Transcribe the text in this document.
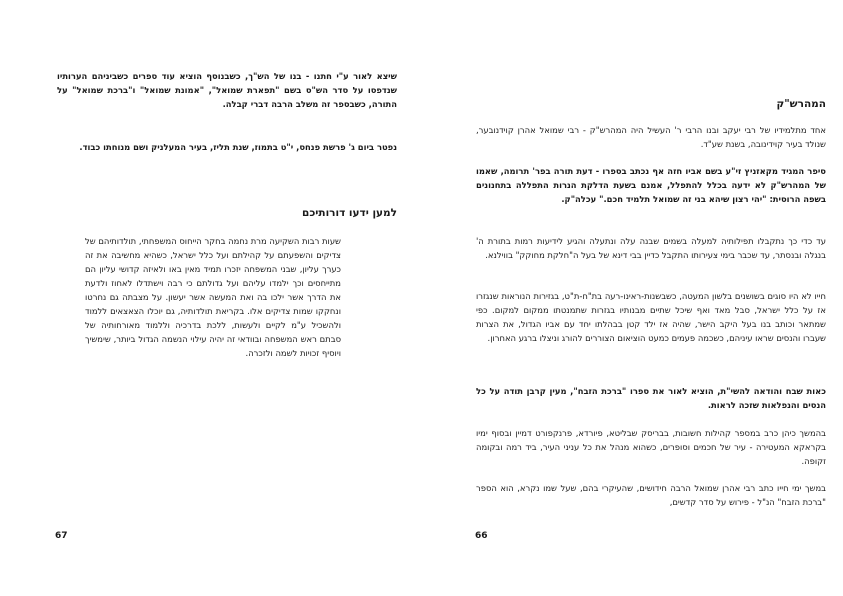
שיצא לאור ע"י חתנו - בנו של הש"ך, כשבנוסף הוציא עוד ספרים כשביניהם הערותיו שנדפסו על סדר הש"ס בשם "תפארת שמואל", "אמונת שמואל" ו"ברכת שמואל" על התורה, כשבספר זה משלב הרבה דברי קבלה.

נפטר ביום ג' פרשת פנחס, י"ט בתמוז, שנת תליז, בעיר המעלניק ושם מנוחתו כבוד.

למען ידעו דורותיכם

שעות רבות השקיעה מרת נחמה בחקר הייחוס המשפחתי, תולדותיהם של צדיקים והשפעתם על קהילתם ועל כלל ישראל, כשהיא מחשיבה את זה כערך עליון, שבני המשפחה יזכרו תמיד מאין באו ולאיזה קדושי עליון הם מתייחסים וכך ילמדו עליהם ועל גדולתם כי רבה וישתדלו לאחוז ולדעת את הדרך אשר ילכו בה ואת המעשה אשר יעשון. על מצבתה גם נחרטו ונחקקו שמות צדיקים אלו. בקריאת תולדותיה, גם יוכלו הצאצאים ללמוד ולהשכיל ע"מ לקיים ולעשות, ללכת בדרכיה וללמוד מאורחותיה של סבתם ראש המשפחה ובוודאי זה יהיה עילוי הנשמה הגדול ביותר, שימשיך ויוסיף זכויות לשמה ולזכרה.

67

המהרש"ק

אחד מתלמידיו של רבי יעקב ובנו הרבי ר' העשיל היה המהרש"ק - רבי שמואל אהרן קוידנובער, שנולד בעיר קוידינובה, בשנת שע"ד.

סיפר המגיד מקאזניץ זי"ע בשם אביו חזה אף נכתב בספרו - דעת תורה בפר' תרומה, שאמו של המהרש"ק לא ידעה בכלל להתפלל, אמנם בשעת הדלקת הנרות התפללה בתחנונים בשפה הרוסית: "יהי רצון שיהא בני זה שמואל תלמיד חכם." עכלה"ק.

עד כדי כך נתקבלו תפילותיה למעלה בשמים שבנה עלה ונתעלה והגיע לידיעות רמות בתורת ה' בנגלה ובנסתר, עד שכבר בימי צעירותו התקבל כדיין בבי דינא של בעל ה"חלקת מחוקק" בווילנא.

חייו לא היו סוגים בשושנים בלשון המעטה, כשבשנות-ראינו-רעה בת"ח-ת"ט, בגזירות הנוראות שנגזרו אז על כלל ישראל, סבל מאד ואף שיכל שתיים מבנותיו בגזרות שתמנטתו ממקום למקום. כפי שמתאר וכותב בנו בעל היקב הישר, שהיה אז ילד קטן בבהלתו יחד עם אביו הגדול, את הצרות שעברו והנסים שראו עיניהם, כשכמה פעמים כמעט הוציאום הצוררים להורג וניצלו ברגע האחרון.

כאות שבח והודאה להשי"ת, הוציא לאור את ספרו "ברכת הזבח", מעין קרבן תודה על כל הנסים והנפלאות שזכה לראות.

בהמשך כיהן כרב במספר קהילות חשובות, בבריסק שבליטא, פיורדא, פרנקפורט דמיין ובסוף ימיו בקראקא המעטירה - עיר של חכמים וסופרים, כשהוא מנהל את כל עניני העיר, ביד רמה ובקומה זקופה.

במשך ימי חייו כתב רבי אהרן שמואל הרבה חידושים, שהעיקרי בהם, שעל שמו נקרא, הוא הספר "ברכת הזבח" הנ"ל - פירוש על סדר קדשים,

66
